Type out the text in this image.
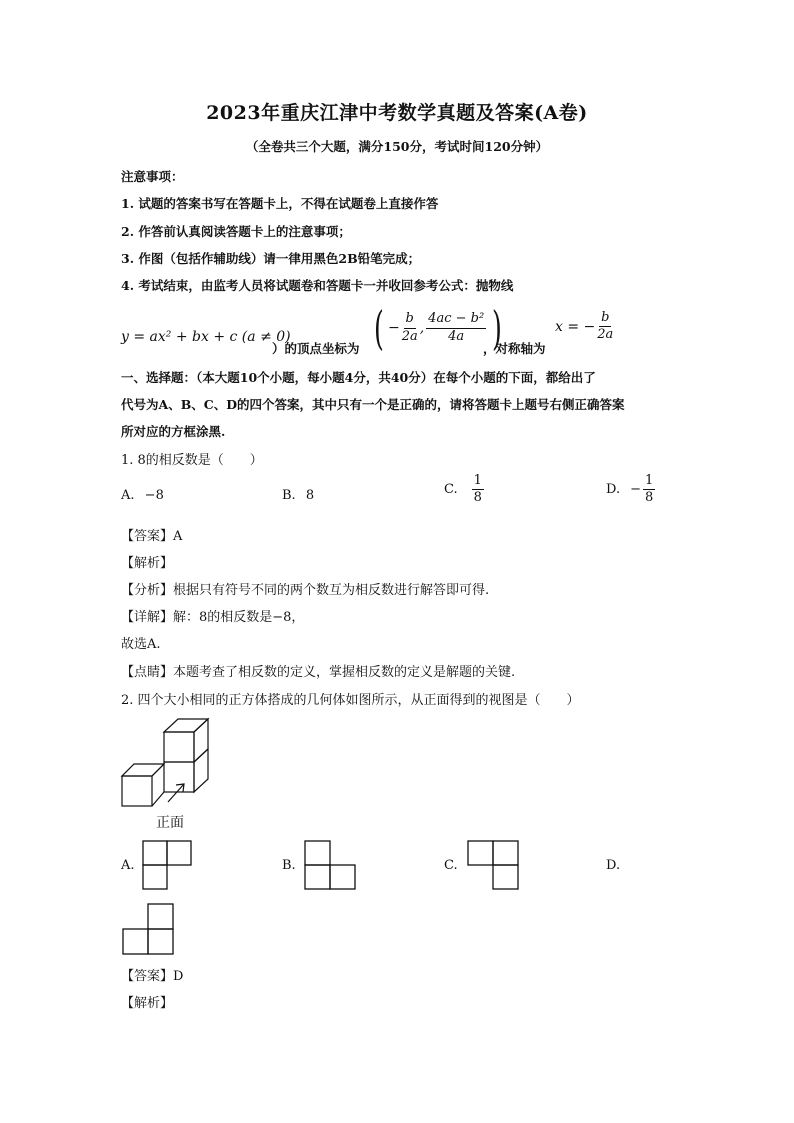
2023年重庆江津中考数学真题及答案(A卷)
（全卷共三个大题，满分150分，考试时间120分钟）
注意事项：
1. 试题的答案书写在答题卡上，不得在试题卷上直接作答
2. 作答前认真阅读答题卡上的注意事项；
3. 作图（包括作辅助线）请一律用黑色2B铅笔完成；
4. 考试结束，由监考人员将试题卷和答题卡一并收回参考公式：抛物线
y = ax² + bx + c (a ≠ 0)
）的顶点坐标为 ( − $\frac{b}{2a}$ , $\frac{\text{4ac − b²}}{4a}$ )
，对称轴为
x = − $\frac{b}{2a}$
一、选择题：（本大题10个小题，每小题4分，共40分）在每个小题的下面，都给出了
代号为A、B、C、D的四个答案，其中只有一个是正确的，请将答题卡上题号右侧正确答案
所对应的方框涂黑.
1. 8的相反数是（　　）
A. −8	B. 8	C. $\frac{1}{8}$	D. − $\frac{1}{8}$
【答案】A
【解析】
【分析】根据只有符号不同的两个数互为相反数进行解答即可得.
【详解】解：8的相反数是−8，
故选A.
【点睛】本题考查了相反数的定义，掌握相反数的定义是解题的关键.
2. 四个大小相同的正方体搭成的几何体如图所示，从正面得到的视图是（　　）
正面
A.	B.	C.	D.
【答案】D
【解析】
